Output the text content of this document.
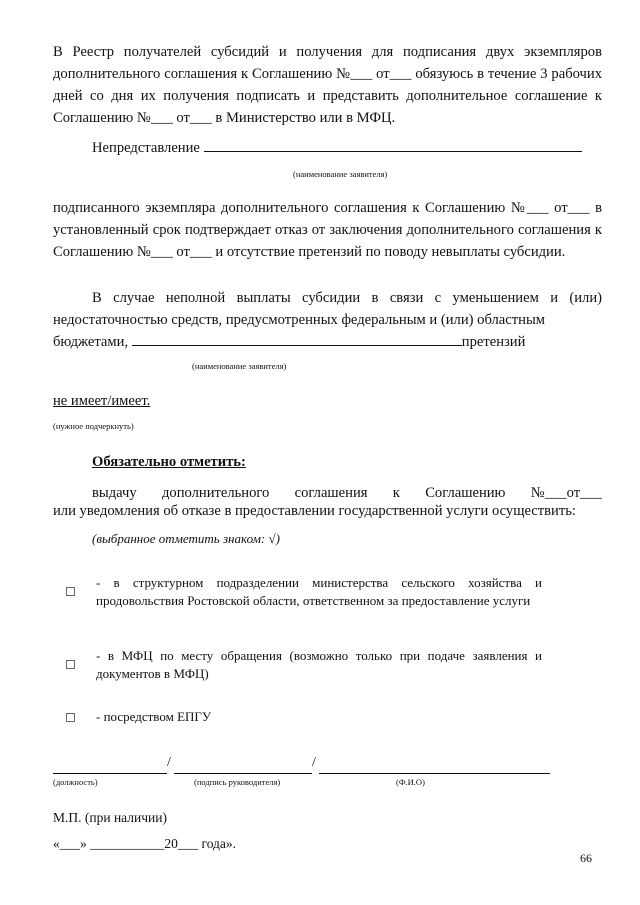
В Реестр получателей субсидий и получения для подписания двух экземпляров дополнительного соглашения к Соглашению №___ от___ обязуюсь в течение 3 рабочих дней со дня их получения подписать и представить дополнительное соглашение к Соглашению №___ от___ в Министерство или в МФЦ.
Непредставление
(наименование заявителя)
подписанного экземпляра дополнительного соглашения к Соглашению №___ от___ в установленный срок подтверждает отказ от заключения дополнительного соглашения к Соглашению №___ от___ и отсутствие претензий по поводу невыплаты субсидии.
В случае неполной выплаты субсидии в связи с уменьшением и (или) недостаточностью средств, предусмотренных федеральным и (или) областным
бюджетами,	претензий
(наименование заявителя)
не имеет/имеет.
(нужное подчеркнуть)
Обязательно отметить:
выдачу дополнительного соглашения к Соглашению №___от___
или уведомления об отказе в предоставлении государственной услуги осуществить:
(выбранное отметить знаком: √)
- в структурном подразделении министерства сельского хозяйства и продовольствия Ростовской области, ответственном за предоставление услуги
- в МФЦ по месту обращения (возможно только при подаче заявления и документов в МФЦ)
- посредством ЕПГУ
/	/
(должность)	(подпись руководителя)	(Ф.И.О)
М.П. (при наличии)
«___» ___________20___ года».
66
